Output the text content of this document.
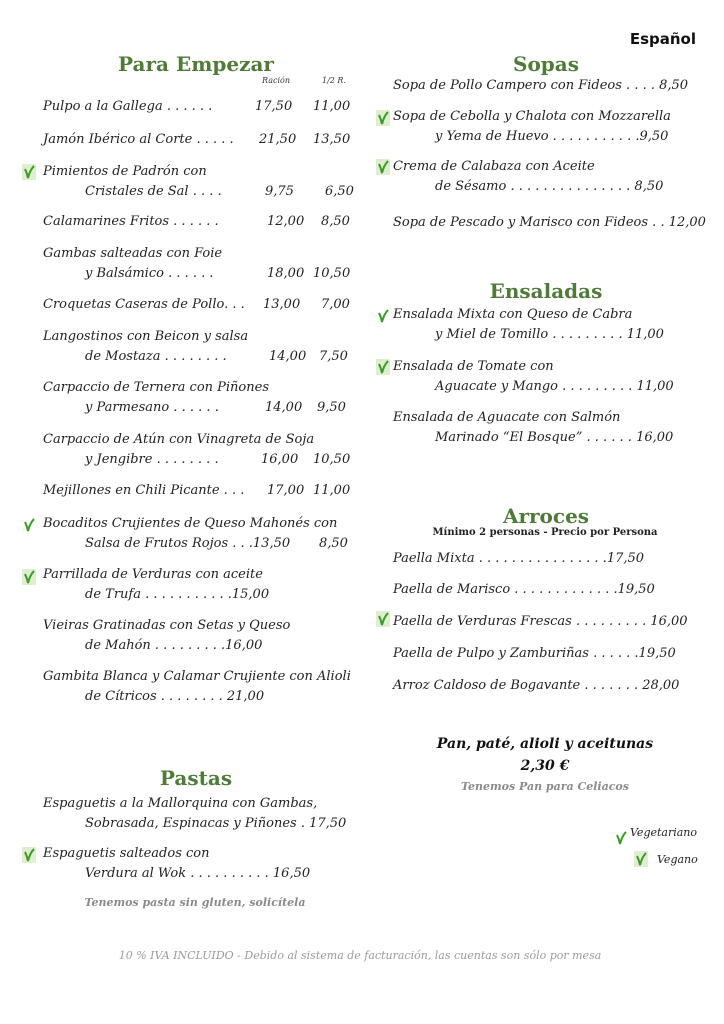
Español
Para Empezar
Ración	1/2 R.
Pulpo a la Gallega . . . . . .	17,50 11,00
Jamón Ibérico al Corte . . . . .	21,50 13,50
Pimientos de Padrón con
Cristales de Sal . . . .	9,75 6,50
Calamarines Fritos . . . . . .	12,00 8,50
Gambas salteadas con Foie
y Balsámico . . . . . .	18,00 10,50
Croquetas Caseras de Pollo. . .	13,00 7,00
Langostinos con Beicon y salsa
de Mostaza . . . . . . . .	14,00 7,50
Carpaccio de Ternera con Piñones
y Parmesano . . . . . .	14,00 9,50
Carpaccio de Atún con Vinagreta de Soja
y Jengibre . . . . . . . .	16,00 10,50
Mejillones en Chili Picante . . .	17,00 11,00
Bocaditos Crujientes de Queso Mahonés con
Salsa de Frutos Rojos . . .13,50	8,50
Parrillada de Verduras con aceite
de Trufa . . . . . . . . . . .15,00
Vieiras Gratinadas con Setas y Queso
de Mahón . . . . . . . . .16,00
Gambita Blanca y Calamar Crujiente con Alioli
de Cítricos . . . . . . . . 21,00
Pastas
Espaguetis a la Mallorquina con Gambas,
Sobrasada, Espinacas y Piñones . 17,50
Espaguetis salteados con
Verdura al Wok . . . . . . . . . . 16,50
Tenemos pasta sin gluten, solicítela
Sopas
Sopa de Pollo Campero con Fideos . . . . 8,50
Sopa de Cebolla y Chalota con Mozzarella
y Yema de Huevo . . . . . . . . . . .9,50
Crema de Calabaza con Aceite
de Sésamo . . . . . . . . . . . . . . . 8,50
Sopa de Pescado y Marisco con Fideos . . 12,00
Ensaladas
Ensalada Mixta con Queso de Cabra
y Miel de Tomillo . . . . . . . . . 11,00
Ensalada de Tomate con
Aguacate y Mango . . . . . . . . . 11,00
Ensalada de Aguacate con Salmón
Marinado “El Bosque” . . . . . . 16,00
Arroces
Mínimo 2 personas - Precio por Persona
Paella Mixta . . . . . . . . . . . . . . . .17,50
Paella de Marisco . . . . . . . . . . . . .19,50
Paella de Verduras Frescas . . . . . . . . . 16,00
Paella de Pulpo y Zamburiñas . . . . . .19,50
Arroz Caldoso de Bogavante . . . . . . . 28,00
Pan, paté, alioli y aceitunas
2,30 €
Tenemos Pan para Celiacos
Vegetariano
Vegano
10 % IVA INCLUIDO - Debido al sistema de facturación, las cuentas son sólo por mesa
